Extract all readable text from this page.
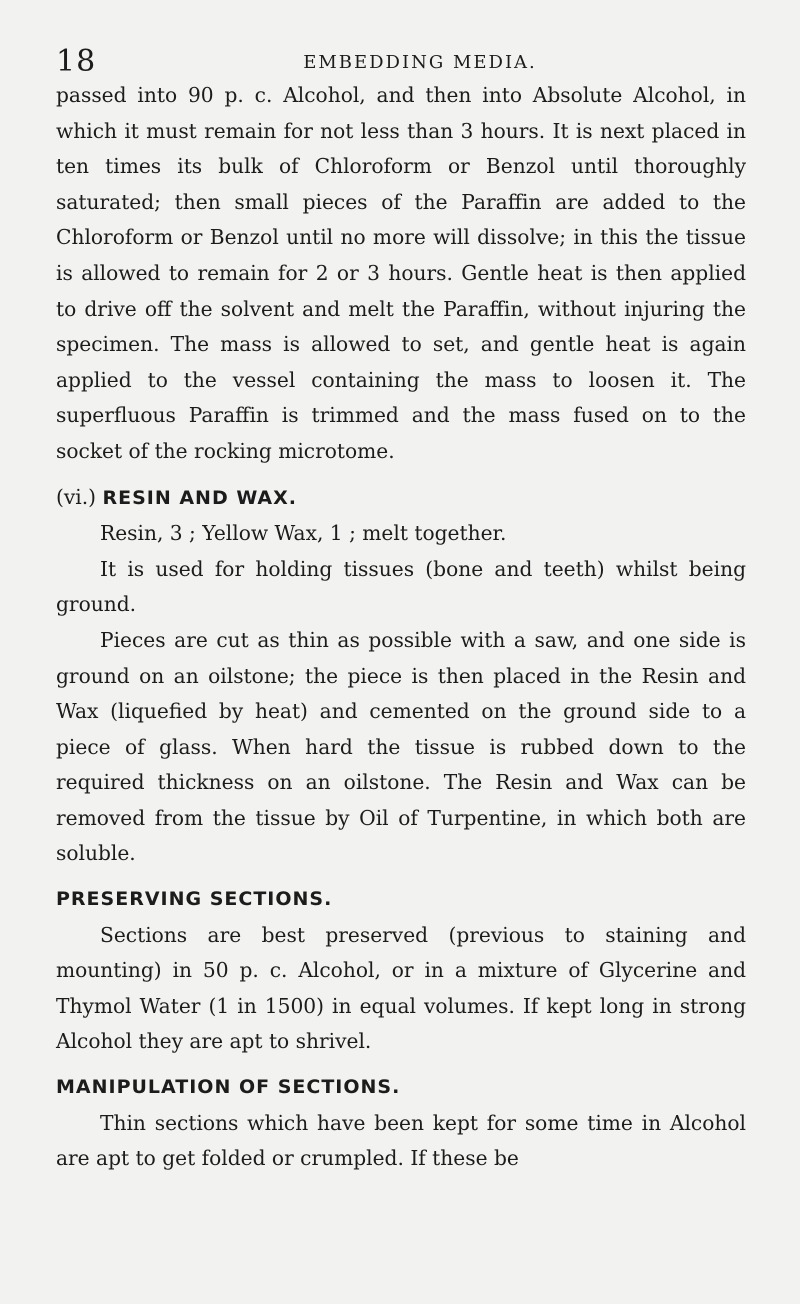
18	EMBEDDING MEDIA.

passed into 90 p. c. Alcohol, and then into Absolute Alcohol, in which it must remain for not less than 3 hours. It is next placed in ten times its bulk of Chloroform or Benzol until thoroughly saturated; then small pieces of the Paraffin are added to the Chloroform or Benzol until no more will dissolve; in this the tissue is allowed to remain for 2 or 3 hours. Gentle heat is then applied to drive off the solvent and melt the Paraffin, without injuring the specimen. The mass is allowed to set, and gentle heat is again applied to the vessel containing the mass to loosen it. The superfluous Paraffin is trimmed and the mass fused on to the socket of the rocking microtome.

(vi.) RESIN AND WAX.

Resin, 3 ; Yellow Wax, 1 ; melt together.

It is used for holding tissues (bone and teeth) whilst being ground.

Pieces are cut as thin as possible with a saw, and one side is ground on an oilstone; the piece is then placed in the Resin and Wax (liquefied by heat) and cemented on the ground side to a piece of glass. When hard the tissue is rubbed down to the required thickness on an oilstone. The Resin and Wax can be removed from the tissue by Oil of Turpentine, in which both are soluble.

PRESERVING SECTIONS.

Sections are best preserved (previous to staining and mounting) in 50 p. c. Alcohol, or in a mixture of Glycerine and Thymol Water (1 in 1500) in equal volumes. If kept long in strong Alcohol they are apt to shrivel.

MANIPULATION OF SECTIONS.

Thin sections which have been kept for some time in Alcohol are apt to get folded or crumpled. If these be
